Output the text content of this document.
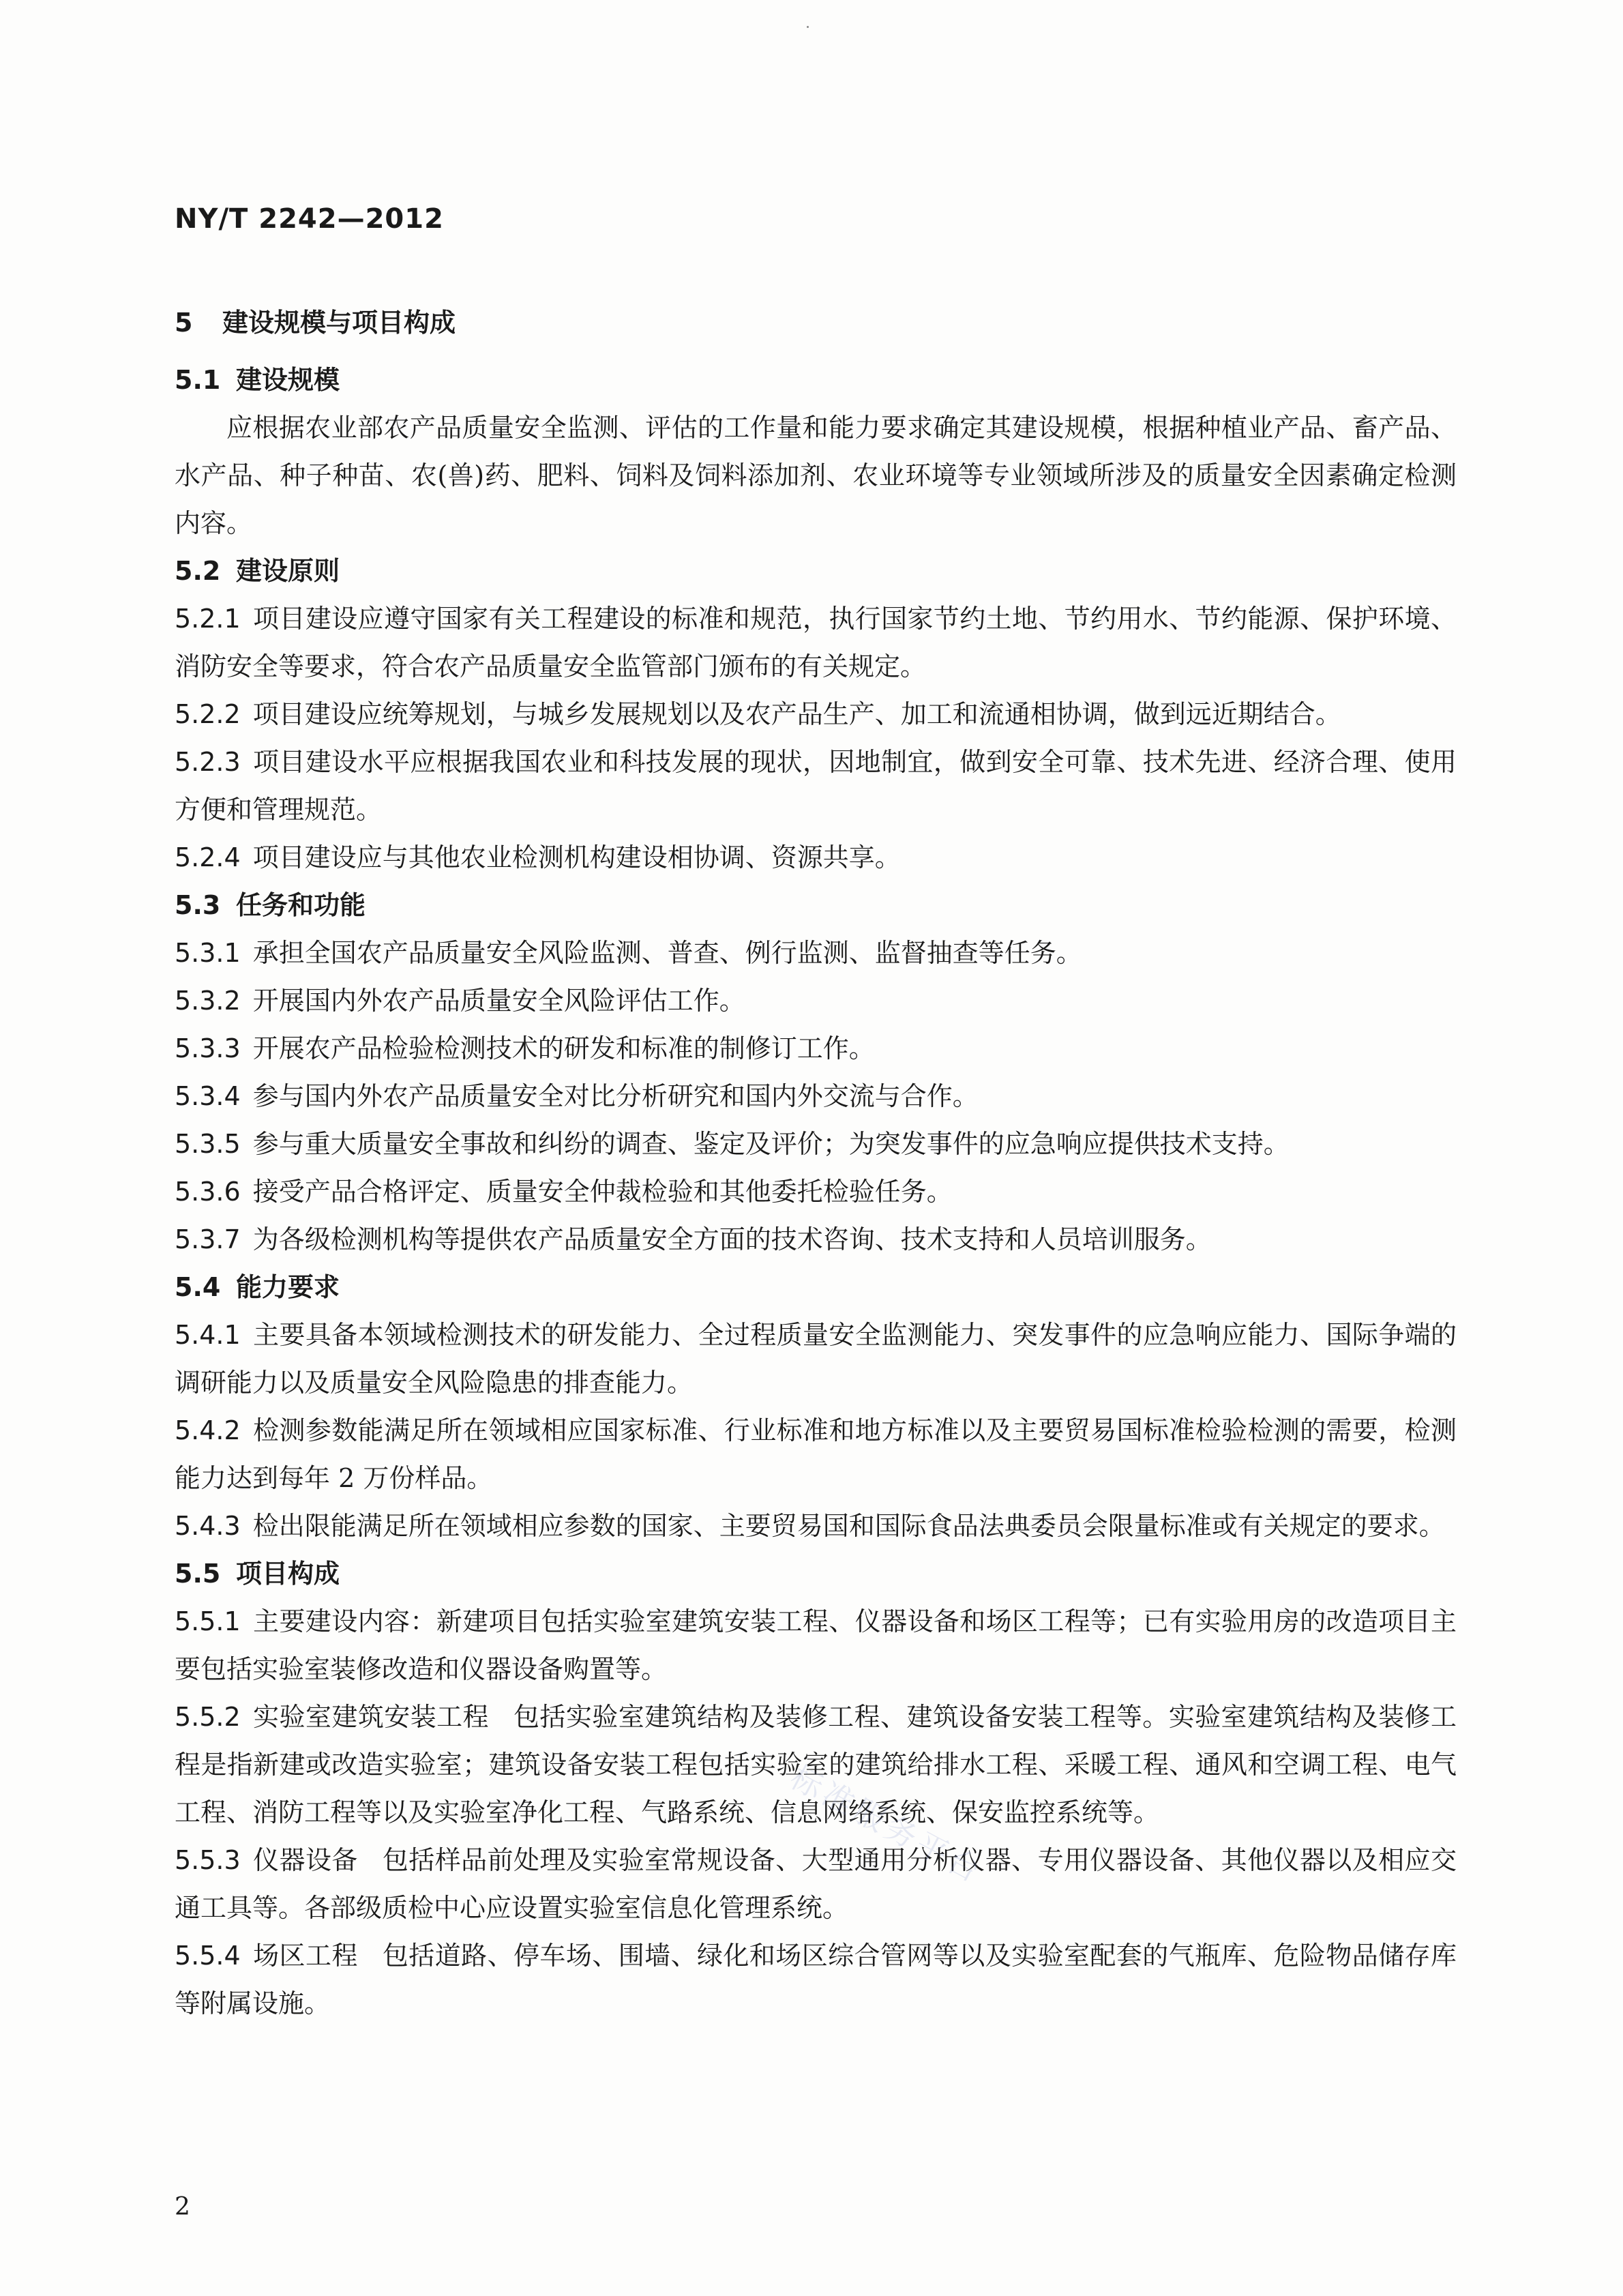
NY/T 2242—2012
5 建设规模与项目构成
5.1 建设规模

应根据农业部农产品质量安全监测、评估的工作量和能力要求确定其建设规模，根据种植业产品、畜产品、水产品、种子种苗、农(兽)药、肥料、饲料及饲料添加剂、农业环境等专业领域所涉及的质量安全因素确定检测内容。

5.2 建设原则

5.2.1 项目建设应遵守国家有关工程建设的标准和规范，执行国家节约土地、节约用水、节约能源、保护环境、消防安全等要求，符合农产品质量安全监管部门颁布的有关规定。

5.2.2 项目建设应统筹规划，与城乡发展规划以及农产品生产、加工和流通相协调，做到远近期结合。

5.2.3 项目建设水平应根据我国农业和科技发展的现状，因地制宜，做到安全可靠、技术先进、经济合理、使用方便和管理规范。

5.2.4 项目建设应与其他农业检测机构建设相协调、资源共享。

5.3 任务和功能

5.3.1 承担全国农产品质量安全风险监测、普查、例行监测、监督抽查等任务。

5.3.2 开展国内外农产品质量安全风险评估工作。

5.3.3 开展农产品检验检测技术的研发和标准的制修订工作。

5.3.4 参与国内外农产品质量安全对比分析研究和国内外交流与合作。

5.3.5 参与重大质量安全事故和纠纷的调查、鉴定及评价；为突发事件的应急响应提供技术支持。

5.3.6 接受产品合格评定、质量安全仲裁检验和其他委托检验任务。

5.3.7 为各级检测机构等提供农产品质量安全方面的技术咨询、技术支持和人员培训服务。

5.4 能力要求

5.4.1 主要具备本领域检测技术的研发能力、全过程质量安全监测能力、突发事件的应急响应能力、国际争端的调研能力以及质量安全风险隐患的排查能力。

5.4.2 检测参数能满足所在领域相应国家标准、行业标准和地方标准以及主要贸易国标准检验检测的需要，检测能力达到每年 2 万份样品。

5.4.3 检出限能满足所在领域相应参数的国家、主要贸易国和国际食品法典委员会限量标准或有关规定的要求。

5.5 项目构成

5.5.1 主要建设内容：新建项目包括实验室建筑安装工程、仪器设备和场区工程等；已有实验用房的改造项目主要包括实验室装修改造和仪器设备购置等。

5.5.2 实验室建筑安装工程 包括实验室建筑结构及装修工程、建筑设备安装工程等。实验室建筑结构及装修工程是指新建或改造实验室；建筑设备安装工程包括实验室的建筑给排水工程、采暖工程、通风和空调工程、电气工程、消防工程等以及实验室净化工程、气路系统、信息网络系统、保安监控系统等。

5.5.3 仪器设备 包括样品前处理及实验室常规设备、大型通用分析仪器、专用仪器设备、其他仪器以及相应交通工具等。各部级质检中心应设置实验室信息化管理系统。

5.5.4 场区工程 包括道路、停车场、围墙、绿化和场区综合管网等以及实验室配套的气瓶库、危险物品储存库等附属设施。

标准服务平台
2
